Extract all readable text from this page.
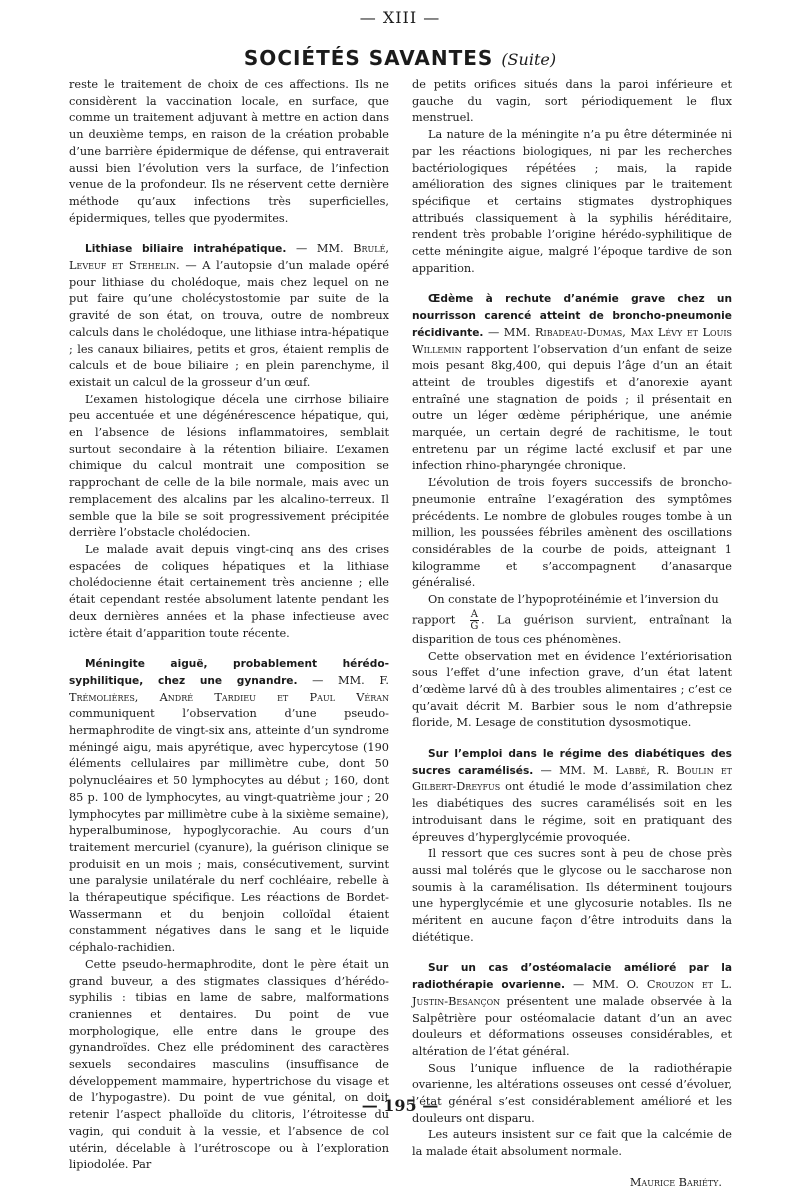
— XIII —
SOCIÉTÉS SAVANTES (Suite)

reste le traitement de choix de ces affections. Ils ne considèrent la vaccination locale, en surface, que comme un traitement adjuvant à mettre en action dans un deuxième temps, en raison de la création probable d’une barrière épidermique de défense, qui entraverait aussi bien l’évolution vers la surface, de l’infection venue de la profondeur. Ils ne réservent cette dernière méthode qu’aux infections très superficielles, épidermiques, telles que pyodermites.

Lithiase biliaire intrahépatique. — MM. Brulé, Leveuf et Stehelin. — A l’autopsie d’un malade opéré pour lithiase du cholédoque, mais chez lequel on ne put faire qu’une cholécystostomie par suite de la gravité de son état, on trouva, outre de nombreux calculs dans le cholédoque, une lithiase intra-hépatique ; les canaux biliaires, petits et gros, étaient remplis de calculs et de boue biliaire ; en plein parenchyme, il existait un calcul de la grosseur d’un œuf.

L’examen histologique décela une cirrhose biliaire peu accentuée et une dégénérescence hépatique, qui, en l’absence de lésions inflammatoires, semblait surtout secondaire à la rétention biliaire. L’examen chimique du calcul montrait une composition se rapprochant de celle de la bile normale, mais avec un remplacement des alcalins par les alcalino-terreux. Il semble que la bile se soit progressivement précipitée derrière l’obstacle cholédocien.

Le malade avait depuis vingt-cinq ans des crises espacées de coliques hépatiques et la lithiase cholédocienne était certainement très ancienne ; elle était cependant restée absolument latente pendant les deux dernières années et la phase infectieuse avec ictère était d’apparition toute récente.

Méningite aiguë, probablement hérédo-syphilitique, chez une gynandre. — MM. F. Trémolières, André Tardieu et Paul Véran communiquent l’observation d’une pseudo-hermaphrodite de vingt-six ans, atteinte d’un syndrome méningé aigu, mais apyrétique, avec hypercytose (190 éléments cellulaires par millimètre cube, dont 50 polynucléaires et 50 lymphocytes au début ; 160, dont 85 p. 100 de lymphocytes, au vingt-quatrième jour ; 20 lymphocytes par millimètre cube à la sixième semaine), hyperalbuminose, hypoglycorachie. Au cours d’un traitement mercuriel (cyanure), la guérison clinique se produisit en un mois ; mais, consécutivement, survint une paralysie unilatérale du nerf cochléaire, rebelle à la thérapeutique spécifique. Les réactions de Bordet-Wassermann et du benjoin colloïdal étaient constamment négatives dans le sang et le liquide céphalo-rachidien.

Cette pseudo-hermaphrodite, dont le père était un grand buveur, a des stigmates classiques d’hérédo-syphilis : tibias en lame de sabre, malformations craniennes et dentaires. Du point de vue morphologique, elle entre dans le groupe des gynandroïdes. Chez elle prédominent des caractères sexuels secondaires masculins (insuffisance de développement mammaire, hypertrichose du visage et de l’hypogastre). Du point de vue génital, on doit retenir l’aspect phalloïde du clitoris, l’étroitesse du vagin, qui conduit à la vessie, et l’absence de col utérin, décelable à l’urétroscope ou à l’exploration lipiodolée. Par

de petits orifices situés dans la paroi inférieure et gauche du vagin, sort périodiquement le flux menstruel.

La nature de la méningite n’a pu être déterminée ni par les réactions biologiques, ni par les recherches bactériologiques répétées ; mais, la rapide amélioration des signes cliniques par le traitement spécifique et certains stigmates dystrophiques attribués classiquement à la syphilis héréditaire, rendent très probable l’origine hérédo-syphilitique de cette méningite aigue, malgré l’époque tardive de son apparition.

Œdème à rechute d’anémie grave chez un nourrisson carencé atteint de broncho-pneumonie récidivante. — MM. Ribadeau-Dumas, Max Lévy et Louis Willemin rapportent l’observation d’un enfant de seize mois pesant 8kg,400, qui depuis l’âge d’un an était atteint de troubles digestifs et d’anorexie ayant entraîné une stagnation de poids ; il présentait en outre un léger œdème périphérique, une anémie marquée, un certain degré de rachitisme, le tout entretenu par un régime lacté exclusif et par une infection rhino-pharyngée chronique.

L’évolution de trois foyers successifs de broncho-pneumonie entraîne l’exagération des symptômes précédents. Le nombre de globules rouges tombe à un million, les poussées fébriles amènent des oscillations considérables de la courbe de poids, atteignant 1 kilogramme et s’accompagnent d’anasarque généralisé.

On constate de l’hypoprotéinémie et l’inversion du

rapport $\frac{A}{G}$ . La guérison survient, entraînant la disparition de tous ces phénomènes.

Cette observation met en évidence l’extériorisation sous l’effet d’une infection grave, d’un état latent d’œdème larvé dû à des troubles alimentaires ; c’est ce qu’avait décrit M. Barbier sous le nom d’athrepsie floride, M. Lesage de constitution dysosmotique.

Sur l’emploi dans le régime des diabétiques des sucres caramélisés. — MM. M. Labbé, R. Boulin et Gilbert-Dreyfus ont étudié le mode d’assimilation chez les diabétiques des sucres caramélisés soit en les introduisant dans le régime, soit en pratiquant des épreuves d’hyperglycémie provoquée.

Il ressort que ces sucres sont à peu de chose près aussi mal tolérés que le glycose ou le saccharose non soumis à la caramélisation. Ils déterminent toujours une hyperglycémie et une glycosurie notables. Ils ne méritent en aucune façon d’être introduits dans la diététique.

Sur un cas d’ostéomalacie amélioré par la radiothérapie ovarienne. — MM. O. Crouzon et L. Justin-Besançon présentent une malade observée à la Salpêtrière pour ostéomalacie datant d’un an avec douleurs et déformations osseuses considérables, et altération de l’état général.

Sous l’unique influence de la radiothérapie ovarienne, les altérations osseuses ont cessé d’évoluer, l’état général s’est considérablement amélioré et les douleurs ont disparu.

Les auteurs insistent sur ce fait que la calcémie de la malade était absolument normale.

Maurice Bariéty.
— 195 —
